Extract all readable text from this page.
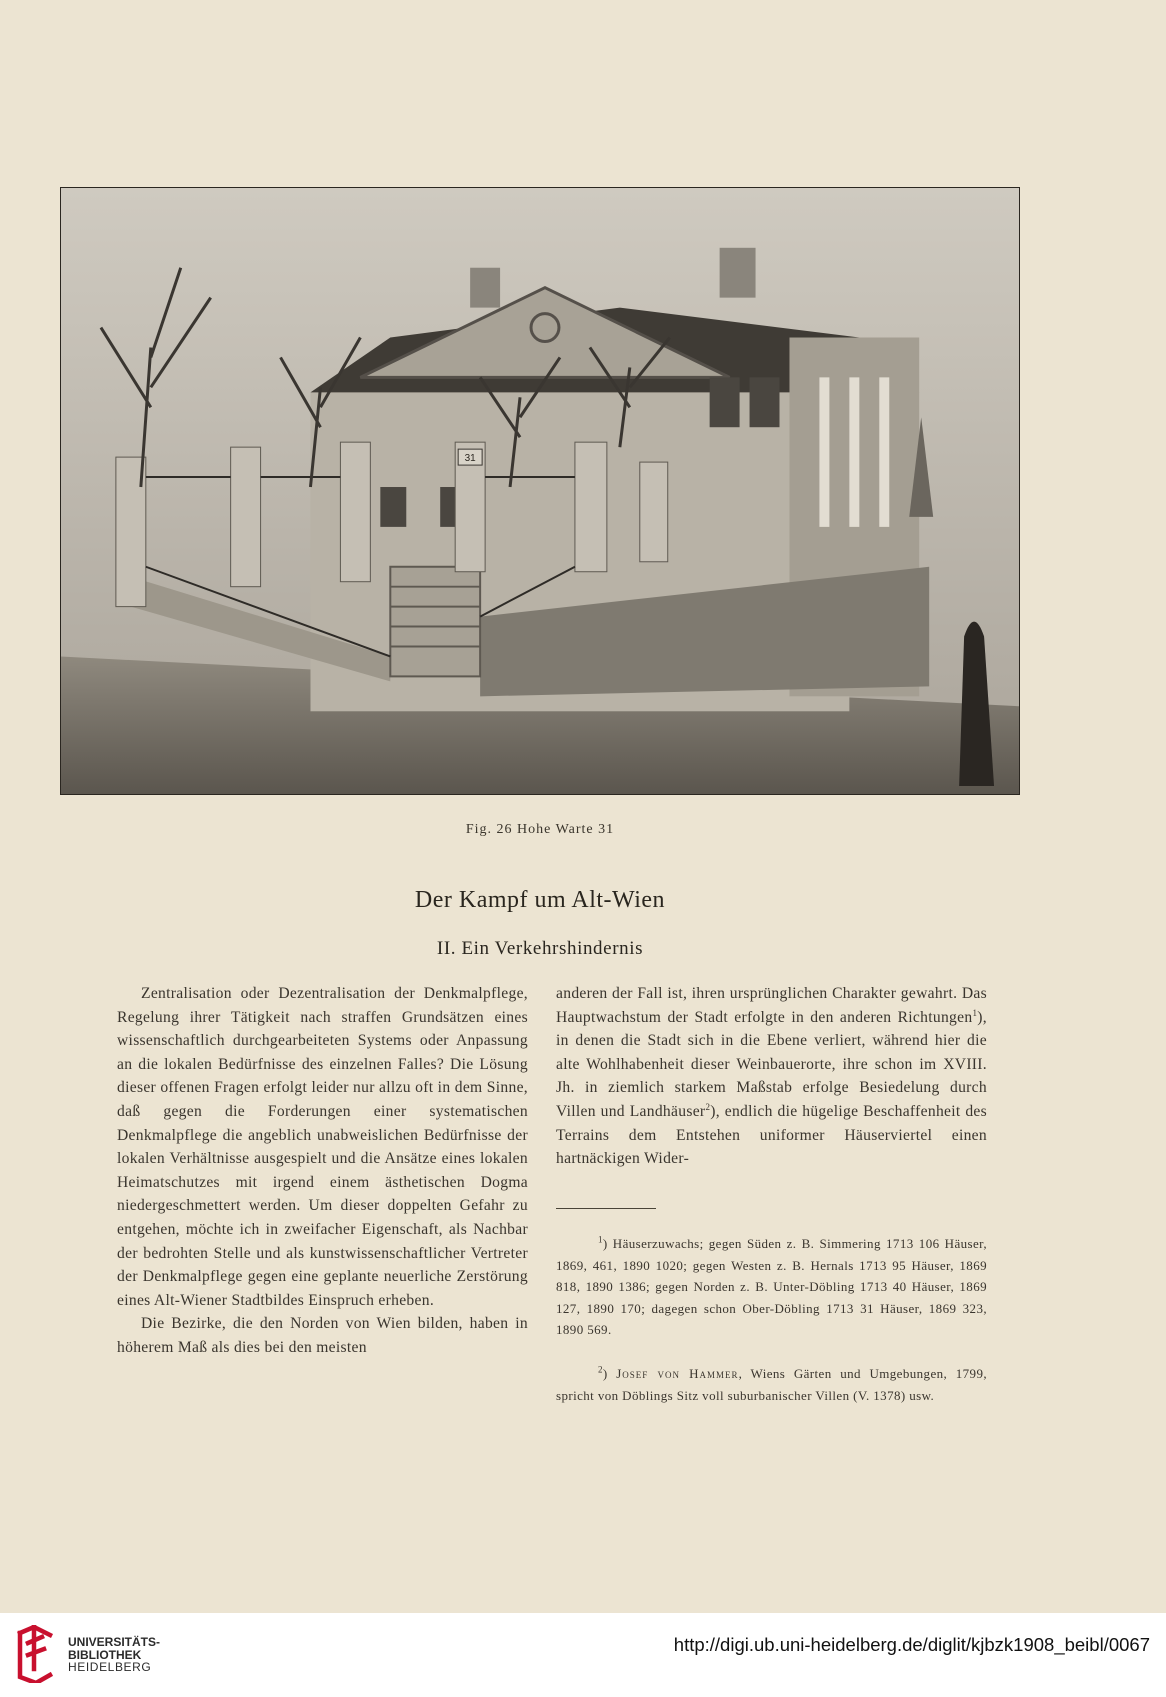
31
Fig. 26 Hohe Warte 31
Der Kampf um Alt-Wien
II. Ein Verkehrshindernis

Zentralisation oder Dezentralisation der Denkmalpflege, Regelung ihrer Tätigkeit nach straffen Grundsätzen eines wissenschaftlich durchgearbeiteten Systems oder Anpassung an die lokalen Bedürfnisse des einzelnen Falles? Die Lösung dieser offenen Fragen erfolgt leider nur allzu oft in dem Sinne, daß gegen die Forderungen einer systematischen Denkmalpflege die angeblich unabweislichen Bedürfnisse der lokalen Verhältnisse ausgespielt und die Ansätze eines lokalen Heimatschutzes mit irgend einem ästhetischen Dogma niedergeschmettert werden. Um dieser doppelten Gefahr zu entgehen, möchte ich in zweifacher Eigenschaft, als Nachbar der bedrohten Stelle und als kunstwissenschaftlicher Vertreter der Denkmalpflege gegen eine geplante neuerliche Zerstörung eines Alt-Wiener Stadtbildes Einspruch erheben.

Die Bezirke, die den Norden von Wien bilden, haben in höherem Maß als dies bei den meisten

anderen der Fall ist, ihren ursprünglichen Charakter gewahrt. Das Hauptwachstum der Stadt erfolgte in den anderen Richtungen$^1$), in denen die Stadt sich in die Ebene verliert, während hier die alte Wohlhabenheit dieser Weinbauerorte, ihre schon im XVIII. Jh. in ziemlich starkem Maßstab erfolge Besiedelung durch Villen und Landhäuser$^2$), endlich die hügelige Beschaffenheit des Terrains dem Entstehen uniformer Häuserviertel einen hartnäckigen Wider-

$^1$) Häuserzuwachs; gegen Süden z. B. Simmering 1713 106 Häuser, 1869, 461, 1890 1020; gegen Westen z. B. Hernals 1713 95 Häuser, 1869 818, 1890 1386; gegen Norden z. B. Unter-Döbling 1713 40 Häuser, 1869 127, 1890 170; dagegen schon Ober-Döbling 1713 31 Häuser, 1869 323, 1890 569.

$^2$) Josef von Hammer, Wiens Gärten und Umgebungen, 1799, spricht von Döblings Sitz voll suburbanischer Villen (V. 1378) usw.

UNIVERSITÄTS-
BIBLIOTHEK
HEIDELBERG
http://digi.ub.uni-heidelberg.de/diglit/kjbzk1908_beibl/0067
